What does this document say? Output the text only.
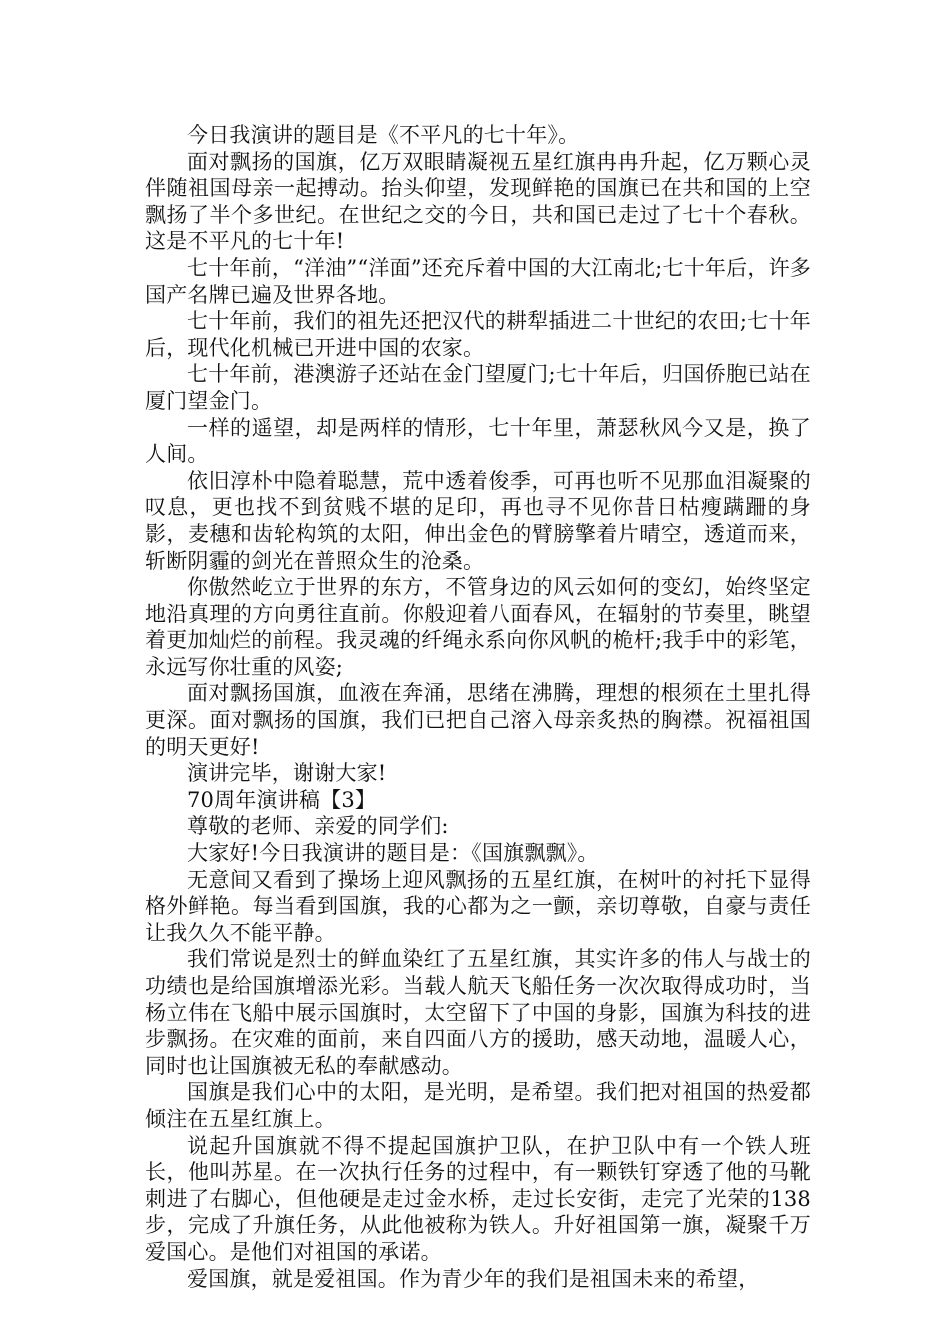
今日我演讲的题目是《不平凡的七十年》。

面对飘扬的国旗，亿万双眼睛凝视五星红旗冉冉升起，亿万颗心灵伴随祖国母亲一起搏动。抬头仰望，发现鲜艳的国旗已在共和国的上空飘扬了半个多世纪。在世纪之交的今日，共和国已走过了七十个春秋。这是不平凡的七十年!

七十年前，“洋油”“洋面”还充斥着中国的大江南北;七十年后，许多国产名牌已遍及世界各地。

七十年前，我们的祖先还把汉代的耕犁插进二十世纪的农田;七十年后，现代化机械已开进中国的农家。

七十年前，港澳游子还站在金门望厦门;七十年后，归国侨胞已站在厦门望金门。

一样的遥望，却是两样的情形，七十年里，萧瑟秋风今又是，换了人间。

依旧淳朴中隐着聪慧，荒中透着俊季，可再也听不见那血泪凝聚的叹息，更也找不到贫贱不堪的足印，再也寻不见你昔日枯瘦蹒跚的身影，麦穗和齿轮构筑的太阳，伸出金色的臂膀擎着片晴空，透道而来，斩断阴霾的剑光在普照众生的沧桑。

你傲然屹立于世界的东方，不管身边的风云如何的变幻，始终坚定地沿真理的方向勇往直前。你般迎着八面春风，在辐射的节奏里，眺望着更加灿烂的前程。我灵魂的纤绳永系向你风帆的桅杆;我手中的彩笔，永远写你壮重的风姿;

面对飘扬国旗，血液在奔涌，思绪在沸腾，理想的根须在土里扎得更深。面对飘扬的国旗，我们已把自己溶入母亲炙热的胸襟。祝福祖国的明天更好!

演讲完毕，谢谢大家!

70周年演讲稿【3】

尊敬的老师、亲爱的同学们:

大家好!今日我演讲的题目是：《国旗飘飘》。

无意间又看到了操场上迎风飘扬的五星红旗，在树叶的衬托下显得格外鲜艳。每当看到国旗，我的心都为之一颤，亲切尊敬，自豪与责任让我久久不能平静。

我们常说是烈士的鲜血染红了五星红旗，其实许多的伟人与战士的功绩也是给国旗增添光彩。当载人航天飞船任务一次次取得成功时，当杨立伟在飞船中展示国旗时，太空留下了中国的身影，国旗为科技的进步飘扬。在灾难的面前，来自四面八方的援助，感天动地，温暖人心，同时也让国旗被无私的奉献感动。

国旗是我们心中的太阳，是光明，是希望。我们把对祖国的热爱都倾注在五星红旗上。

说起升国旗就不得不提起国旗护卫队，在护卫队中有一个铁人班长，他叫苏星。在一次执行任务的过程中，有一颗铁钉穿透了他的马靴刺进了右脚心，但他硬是走过金水桥，走过长安街，走完了光荣的138步，完成了升旗任务，从此他被称为铁人。升好祖国第一旗，凝聚千万爱国心。是他们对祖国的承诺。

爱国旗，就是爱祖国。作为青少年的我们是祖国未来的希望，
